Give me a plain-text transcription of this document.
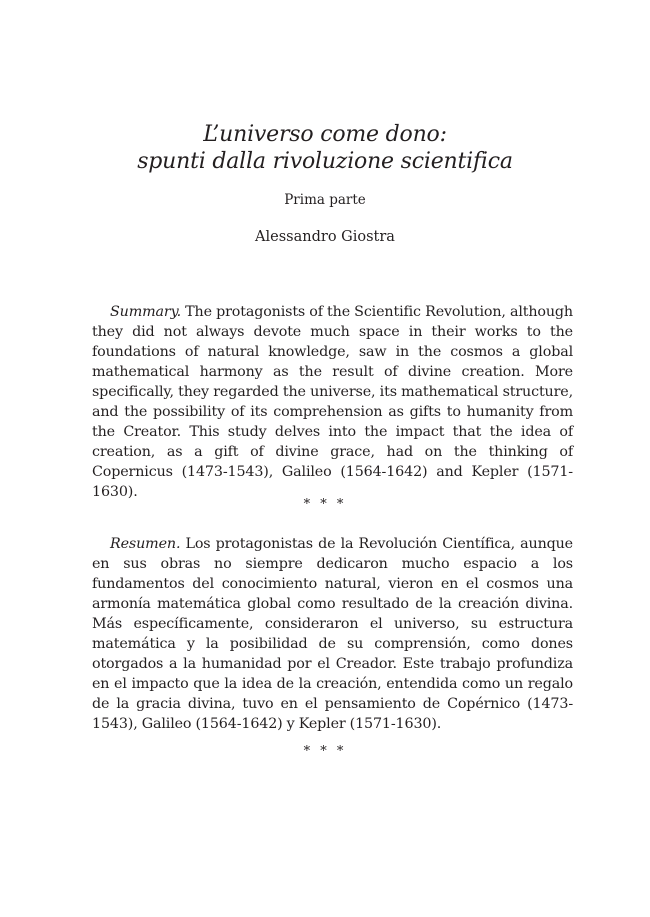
L’universo come dono:
spunti dalla rivoluzione scientifica
Prima parte
Alessandro Giostra

Summary. The protagonists of the Scientific Revolution, although they did not always devote much space in their works to the foundations of natural knowledge, saw in the cosmos a global mathematical harmony as the result of divine creation. More specifically, they regarded the universe, its mathematical structure, and the possibility of its comprehension as gifts to humanity from the Creator. This study delves into the impact that the idea of creation, as a gift of divine grace, had on the thinking of Copernicus (1473-1543), Galileo (1564-1642) and Kepler (1571-1630).

* * *

Resumen. Los protagonistas de la Revolución Científica, aunque en sus obras no siempre dedicaron mucho espacio a los fundamentos del conocimiento natural, vieron en el cosmos una armonía matemática global como resultado de la creación divina. Más específicamente, consideraron el universo, su estructura matemática y la posibilidad de su comprensión, como dones otorgados a la humanidad por el Creador. Este trabajo profundiza en el impacto que la idea de la creación, entendida como un regalo de la gracia divina, tuvo en el pensamiento de Copérnico (1473-1543), Galileo (1564-1642) y Kepler (1571-1630).

* * *
